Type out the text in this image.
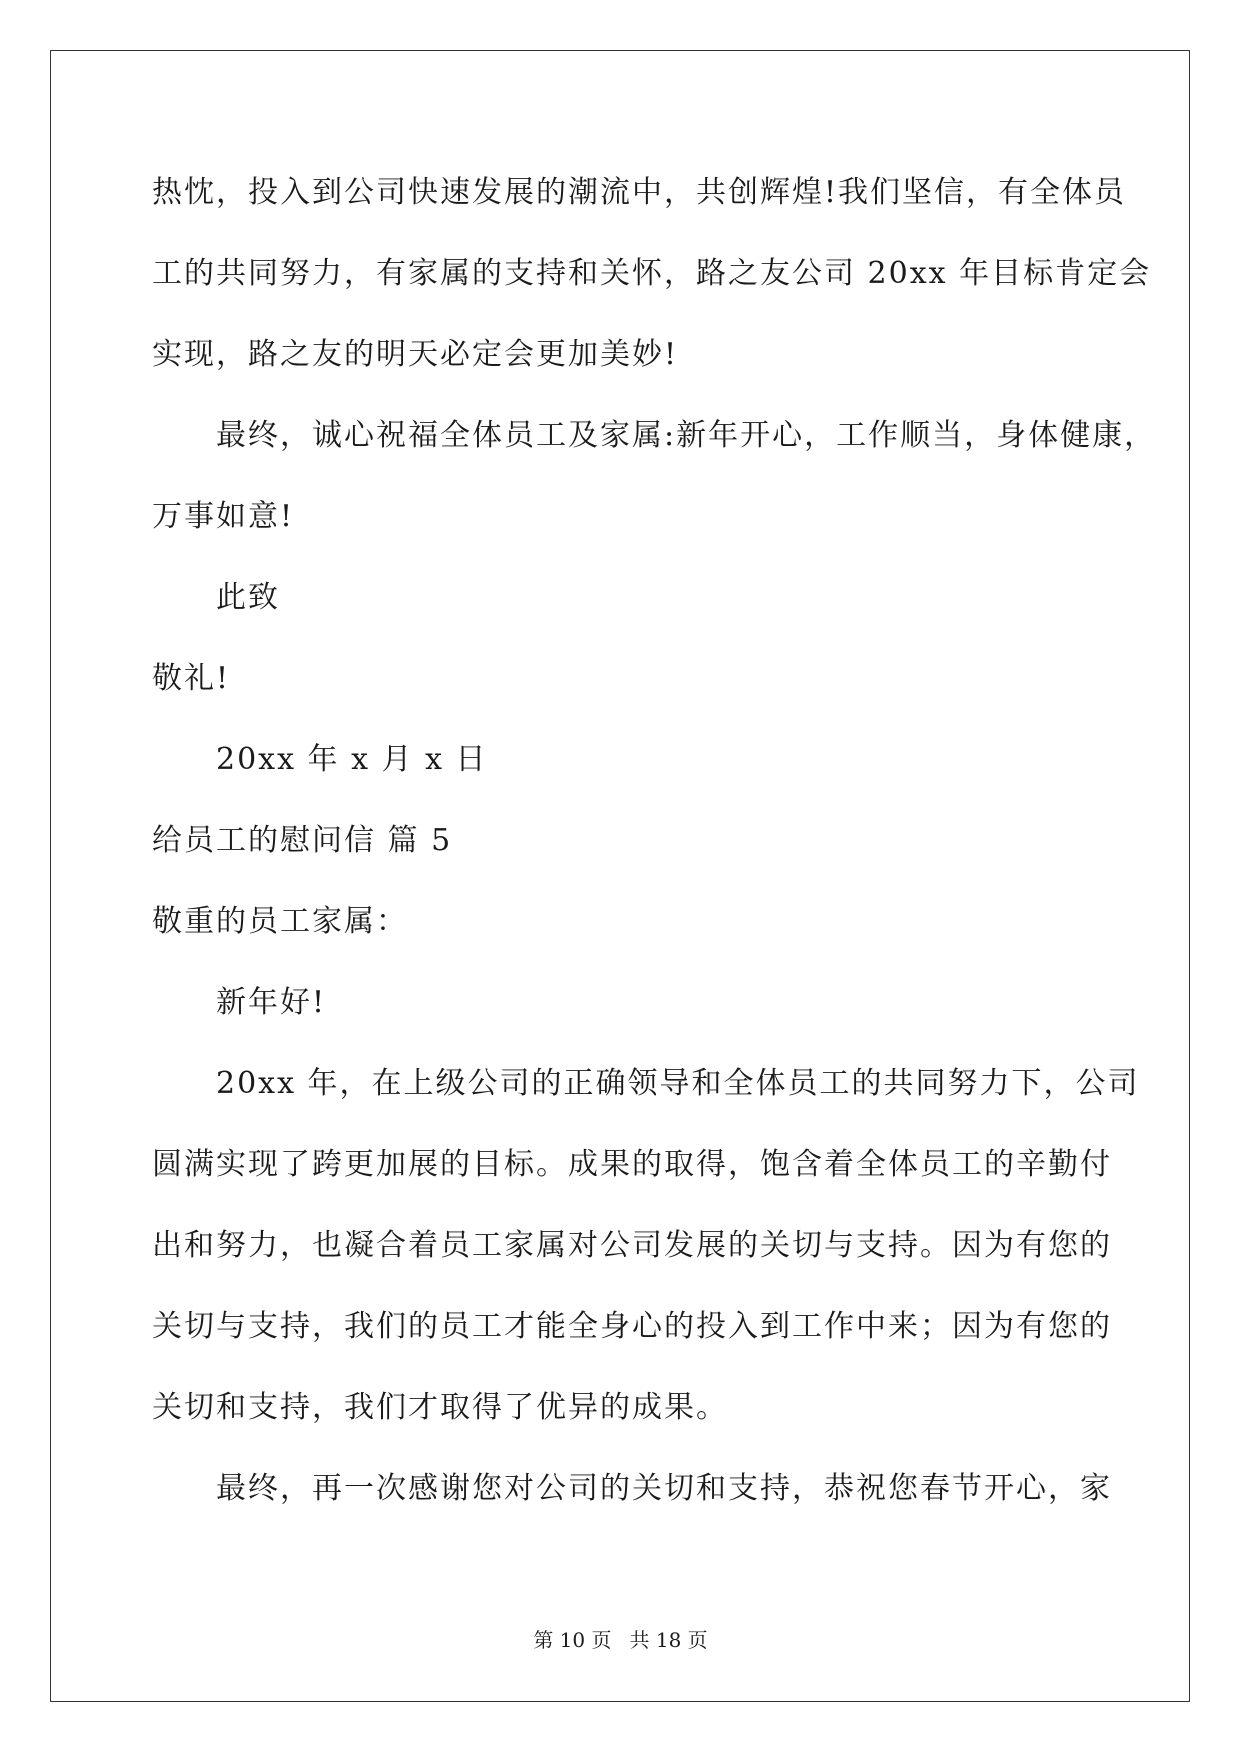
热忱，投入到公司快速发展的潮流中，共创辉煌!我们坚信，有全体员
工的共同努力，有家属的支持和关怀，路之友公司 20xx 年目标肯定会
实现，路之友的明天必定会更加美妙!
最终，诚心祝福全体员工及家属:新年开心，工作顺当，身体健康，
万事如意!
此致
敬礼!
20xx 年 x 月 x 日
给员工的慰问信 篇 5
敬重的员工家属：
新年好!
20xx 年，在上级公司的正确领导和全体员工的共同努力下，公司
圆满实现了跨更加展的目标。成果的取得，饱含着全体员工的辛勤付
出和努力，也凝合着员工家属对公司发展的关切与支持。因为有您的
关切与支持，我们的员工才能全身心的投入到工作中来；因为有您的
关切和支持，我们才取得了优异的成果。
最终，再一次感谢您对公司的关切和支持，恭祝您春节开心，家
第 10 页 共 18 页
